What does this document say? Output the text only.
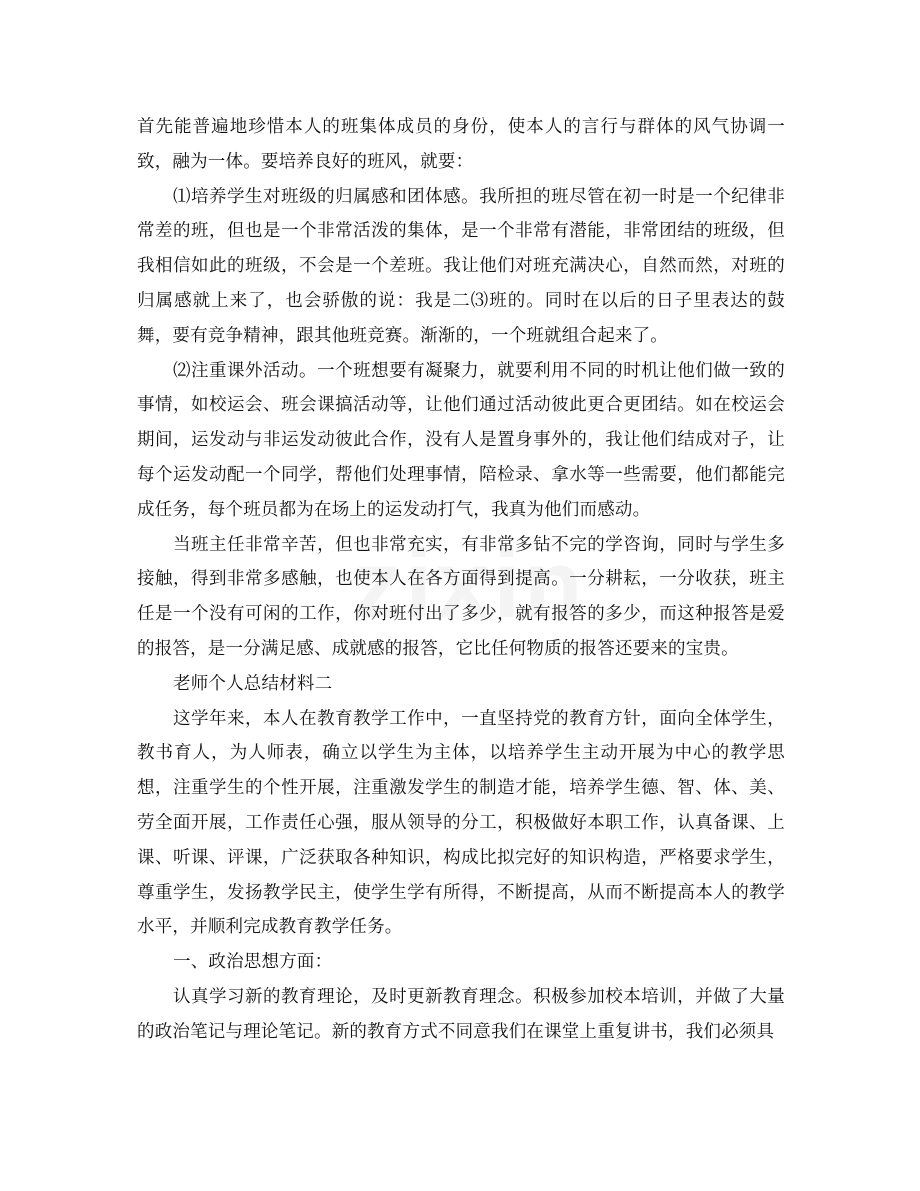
首先能普遍地珍惜本人的班集体成员的身份，使本人的言行与群体的风气协调一致，融为一体。要培养良好的班风，就要：

⑴培养学生对班级的归属感和团体感。我所担的班尽管在初一时是一个纪律非常差的班，但也是一个非常活泼的集体，是一个非常有潜能，非常团结的班级，但我相信如此的班级，不会是一个差班。我让他们对班充满决心，自然而然，对班的归属感就上来了，也会骄傲的说：我是二⑶班的。同时在以后的日子里表达的鼓舞，要有竞争精神，跟其他班竞赛。渐渐的，一个班就组合起来了。

⑵注重课外活动。一个班想要有凝聚力，就要利用不同的时机让他们做一致的事情，如校运会、班会课搞活动等，让他们通过活动彼此更合更团结。如在校运会期间，运发动与非运发动彼此合作，没有人是置身事外的，我让他们结成对子，让每个运发动配一个同学，帮他们处理事情，陪检录、拿水等一些需要，他们都能完成任务，每个班员都为在场上的运发动打气，我真为他们而感动。

当班主任非常辛苦，但也非常充实，有非常多钻不完的学咨询，同时与学生多接触，得到非常多感触，也使本人在各方面得到提高。一分耕耘，一分收获，班主任是一个没有可闲的工作，你对班付出了多少，就有报答的多少，而这种报答是爱的报答，是一分满足感、成就感的报答，它比任何物质的报答还要来的宝贵。

老师个人总结材料二

这学年来，本人在教育教学工作中，一直坚持党的教育方针，面向全体学生，教书育人，为人师表，确立以学生为主体，以培养学生主动开展为中心的教学思想，注重学生的个性开展，注重激发学生的制造才能，培养学生德、智、体、美、劳全面开展，工作责任心强，服从领导的分工，积极做好本职工作，认真备课、上课、听课、评课，广泛获取各种知识，构成比拟完好的知识构造，严格要求学生，尊重学生，发扬教学民主，使学生学有所得，不断提高，从而不断提高本人的教学水平，并顺利完成教育教学任务。

一、政治思想方面：

认真学习新的教育理论，及时更新教育理念。积极参加校本培训，并做了大量的政治笔记与理论笔记。新的教育方式不同意我们在课堂上重复讲书，我们必须具
